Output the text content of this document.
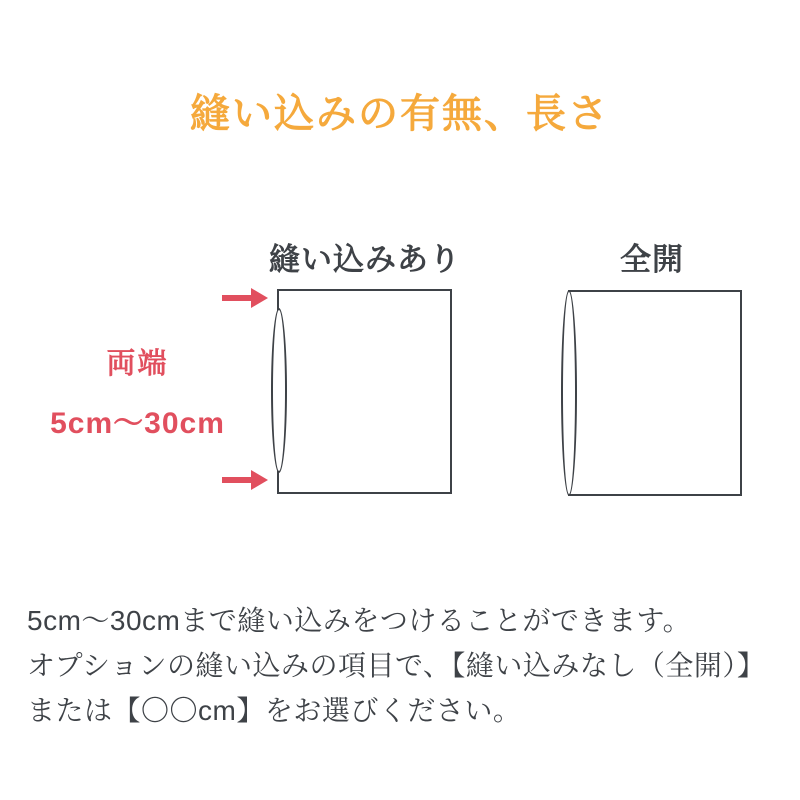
縫い込みの有無、長さ
縫い込みあり	全開
両端
5cm〜30cm

5cm〜30cmまで縫い込みをつけることができます。

オプションの縫い込みの項目で、【縫い込みなし（全開）】

または【〇〇cm】をお選びください。
